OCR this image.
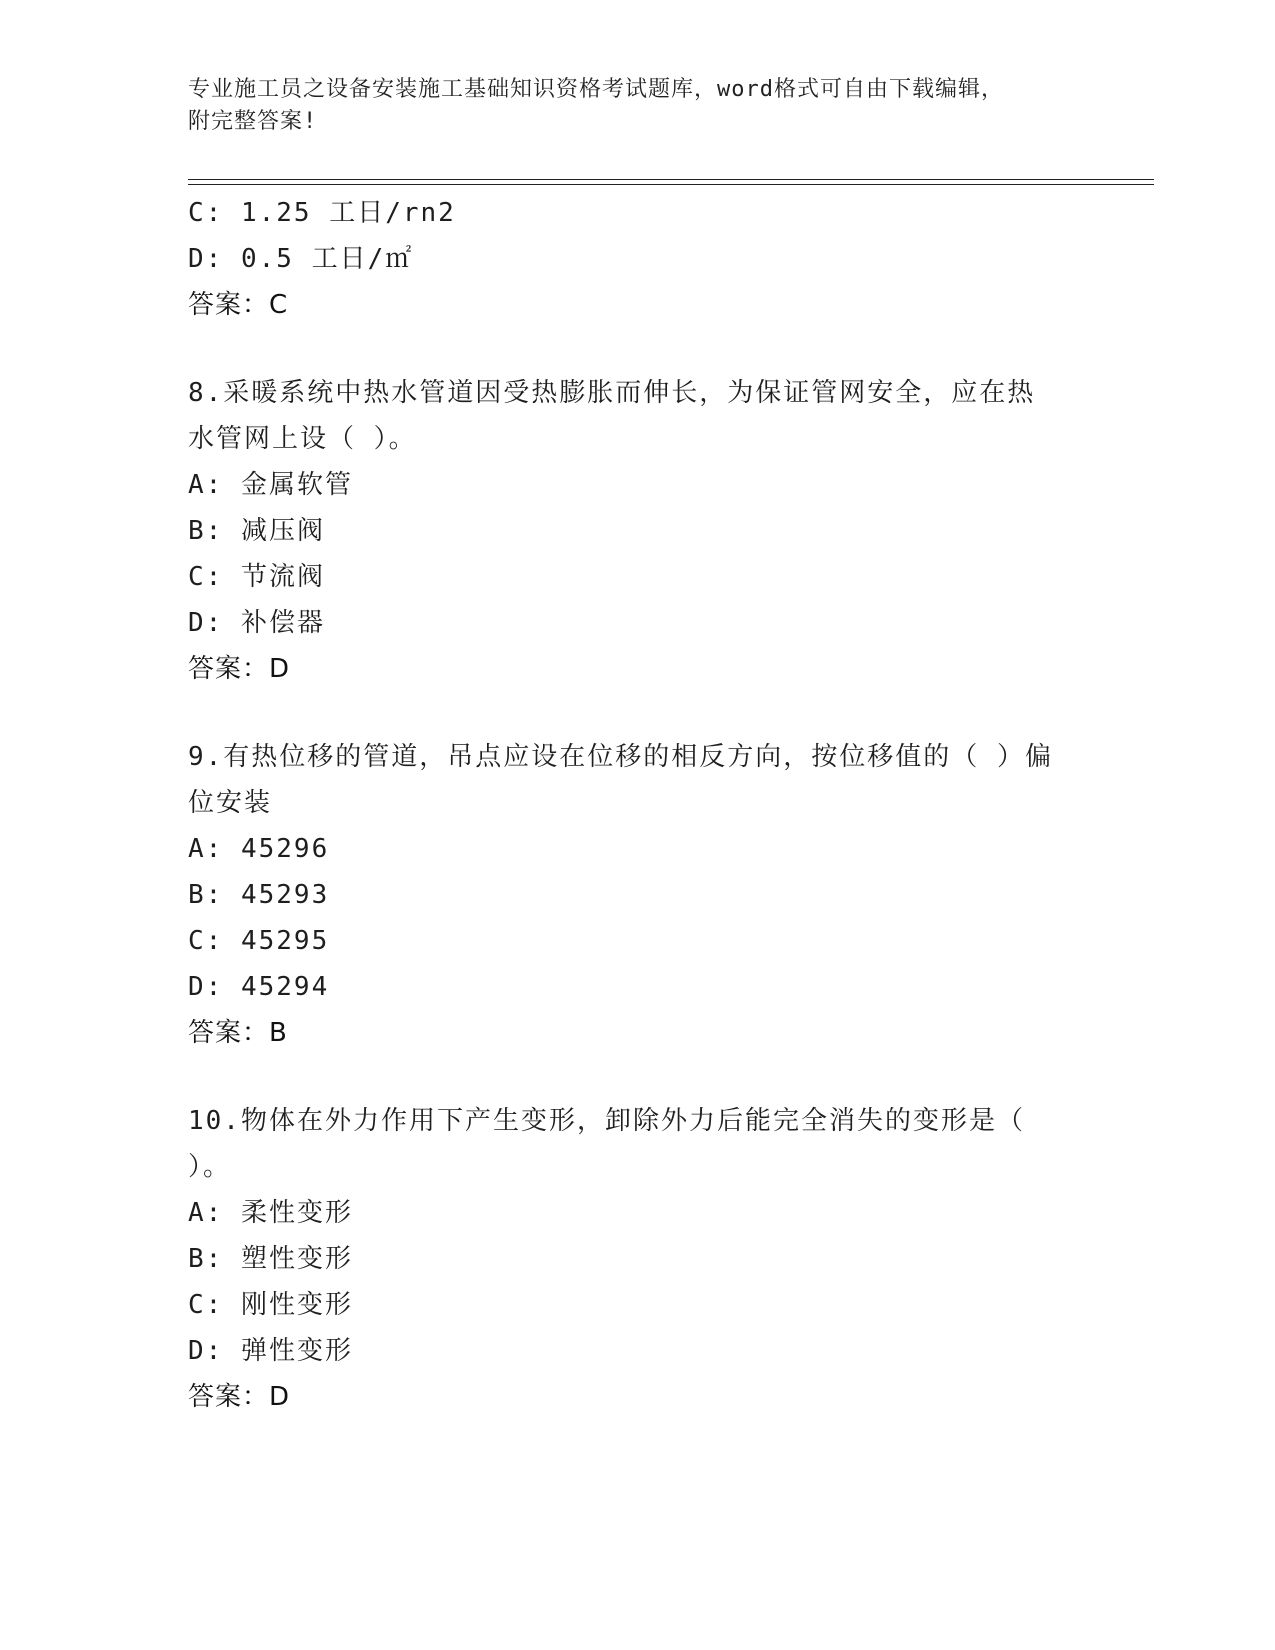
专业施工员之设备安装施工基础知识资格考试题库，word格式可自由下载编辑，
附完整答案!
C: 1.25 工日/rn2
D: 0.5 工日/㎡
答案：C
8.采暖系统中热水管道因受热膨胀而伸长，为保证管网安全，应在热
水管网上设（ ）。
A: 金属软管
B: 减压阀
C: 节流阀
D: 补偿器
答案：D
9.有热位移的管道，吊点应设在位移的相反方向，按位移值的（ ）偏
位安装
A: 45296
B: 45293
C: 45295
D: 45294
答案：B
10.物体在外力作用下产生变形，卸除外力后能完全消失的变形是（
）。
A: 柔性变形
B: 塑性变形
C: 刚性变形
D: 弹性变形
答案：D
